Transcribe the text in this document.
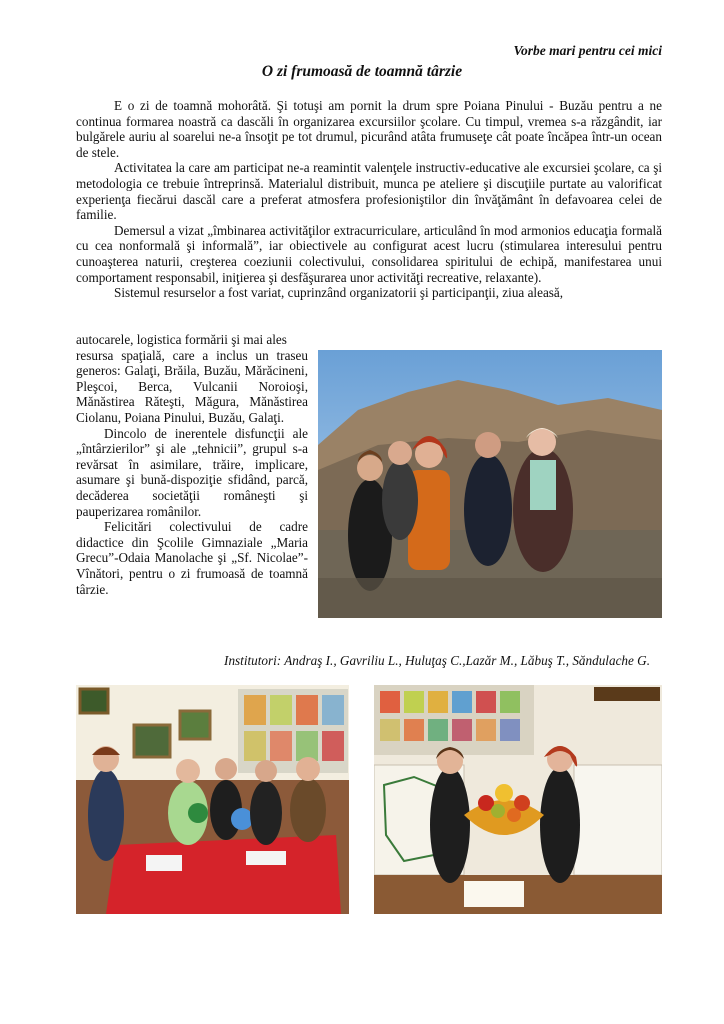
Vorbe mari pentru cei mici
O zi frumoasă de toamnă târzie

E o zi de toamnă mohorâtă. Şi totuşi am pornit la drum spre Poiana Pinului - Buzău pentru a ne continua formarea noastră ca dascăli în organizarea excursiilor şcolare. Cu timpul, vremea s-a răzgândit, iar bulgărele auriu al soarelui ne-a însoţit pe tot drumul, picurând atâta frumuseţe cât poate încăpea într-un ocean de stele.

Activitatea la care am participat ne-a reamintit valenţele instructiv-educative ale excursiei şcolare, ca şi metodologia ce trebuie întreprinsă. Materialul distribuit, munca pe ateliere şi discuţiile purtate au valorificat experienţa fiecărui dascăl care a preferat atmosfera profesioniştilor din învăţământ în defavoarea celei de familie.

Demersul a vizat „îmbinarea activităţilor extracurriculare, articulând în mod armonios educaţia formală cu cea nonformală şi informală”, iar obiectivele au configurat acest lucru (stimularea interesului pentru cunoaşterea naturii, creşterea coeziunii colectivului, consolidarea spiritului de echipă, manifestarea unui comportament responsabil, iniţierea şi desfăşurarea unor activităţi recreative, relaxante).

Sistemul resurselor a fost variat, cuprinzând organizatorii şi participanţii, ziua aleasă,

autocarele, logistica formării şi mai ales

resursa spaţială, care a inclus un traseu generos: Galaţi, Brăila, Buzău, Mărăcineni, Pleşcoi, Berca, Vulcanii Noroioşi, Mănăstirea Răteşti, Măgura, Mănăstirea Ciolanu, Poiana Pinului, Buzău, Galaţi.

Dincolo de inerentele disfuncţii ale „întârzierilor” şi ale „tehnicii”, grupul s-a revărsat în asimilare, trăire, implicare, asumare şi bună-dispoziţie sfidând, parcă, decăderea societăţii româneşti şi pauperizarea românilor.

Felicitări colectivului de cadre didactice din Şcolile Gimnaziale „Maria Grecu”-Odaia Manolache şi „Sf. Nicolae”-Vînători, pentru o zi frumoasă de toamnă târzie.

Institutori: Andraş I., Gavriliu L., Huluţaş C.,Lazăr M., Lăbuş T., Săndulache G.
